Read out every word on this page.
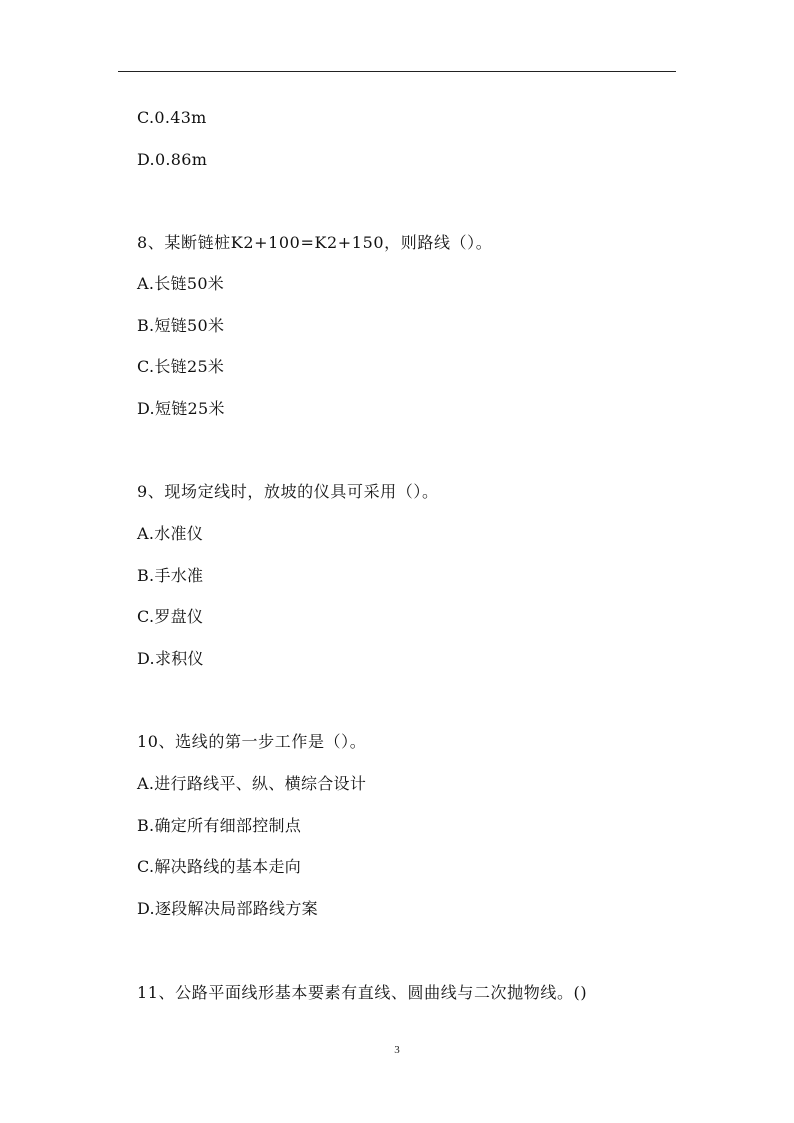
C.0.43m
D.0.86m
8、某断链桩K2+100=K2+150，则路线（）。
A.长链50米
B.短链50米
C.长链25米
D.短链25米
9、现场定线时，放坡的仪具可采用（）。
A.水准仪
B.手水准
C.罗盘仪
D.求积仪
10、选线的第一步工作是（）。
A.进行路线平、纵、横综合设计
B.确定所有细部控制点
C.解决路线的基本走向
D.逐段解决局部路线方案
11、公路平面线形基本要素有直线、圆曲线与二次抛物线。()
3
